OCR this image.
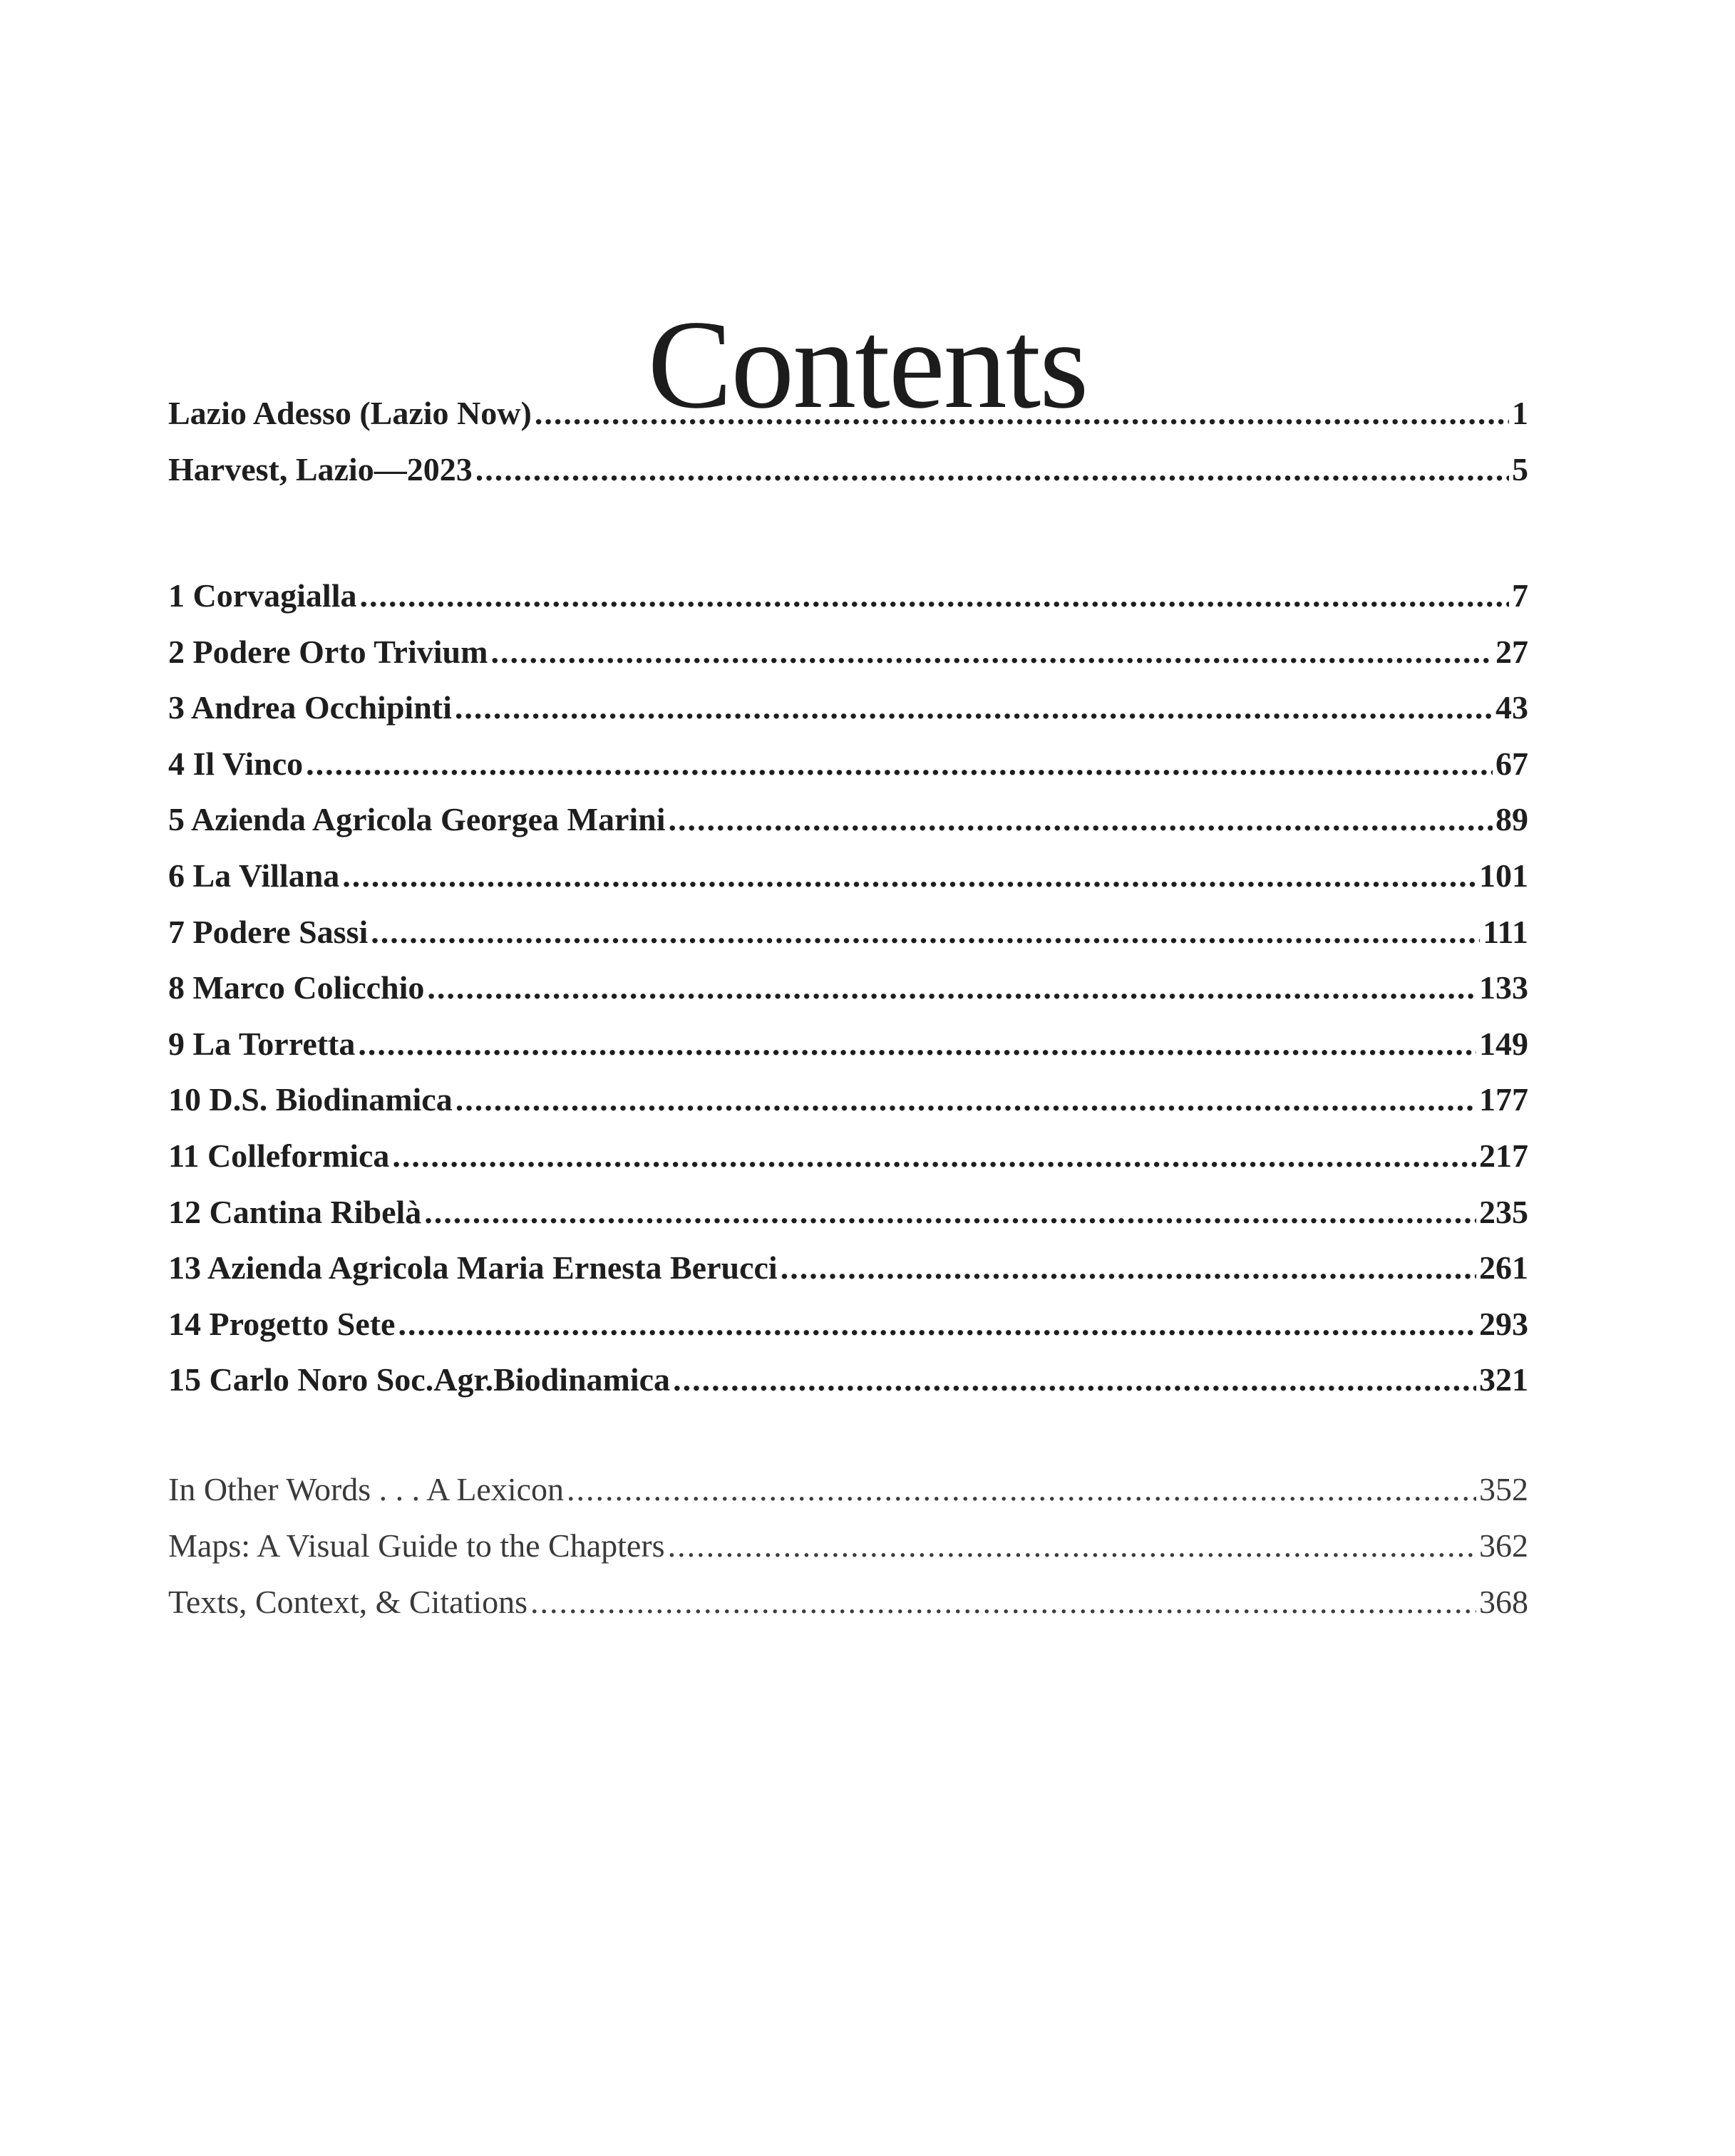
Contents
Lazio Adesso (Lazio Now) .....	1
Harvest, Lazio—2023 .....	5
1 Corvagialla .....	7
2 Podere Orto Trivium .....	27
3 Andrea Occhipinti .....	43
4 Il Vinco .....	67
5 Azienda Agricola Georgea Marini .....	89
6 La Villana .....	101
7 Podere Sassi .....	111
8 Marco Colicchio .....	133
9 La Torretta .....	149
10 D.S. Biodinamica .....	177
11 Colleformica .....	217
12 Cantina Ribelà .....	235
13 Azienda Agricola Maria Ernesta Berucci .....	261
14 Progetto Sete .....	293
15 Carlo Noro Soc.Agr.Biodinamica .....	321
In Other Words . . . A Lexicon .....	352
Maps: A Visual Guide to the Chapters .....	362
Texts, Context, & Citations .....	368
